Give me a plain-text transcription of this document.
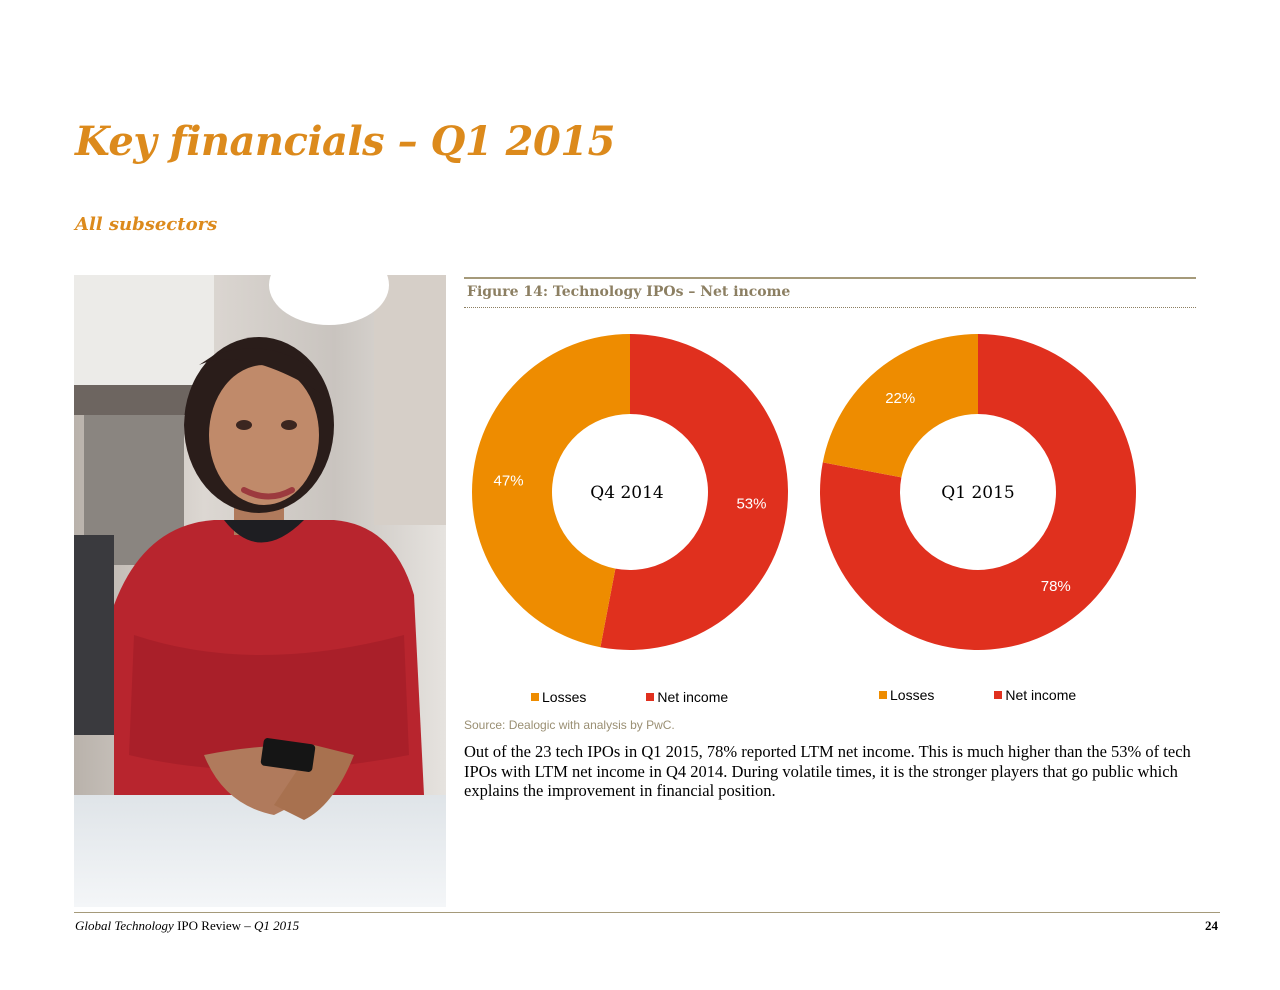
Key financials – Q1 2015
All subsectors

Figure 14: Technology IPOs – Net income

53%
47%
Q4 2014
78%
22%
Q1 2015
Losses	Net income	Losses	Net income

Source: Dealogic with analysis by PwC.

Out of the 23 tech IPOs in Q1 2015, 78% reported LTM net income. This is much higher than the 53% of tech IPOs with LTM net income in Q4 2014. During volatile times, it is the stronger players that go public which explains the improvement in financial position.

Global Technology IPO Review – Q1 2015	24
